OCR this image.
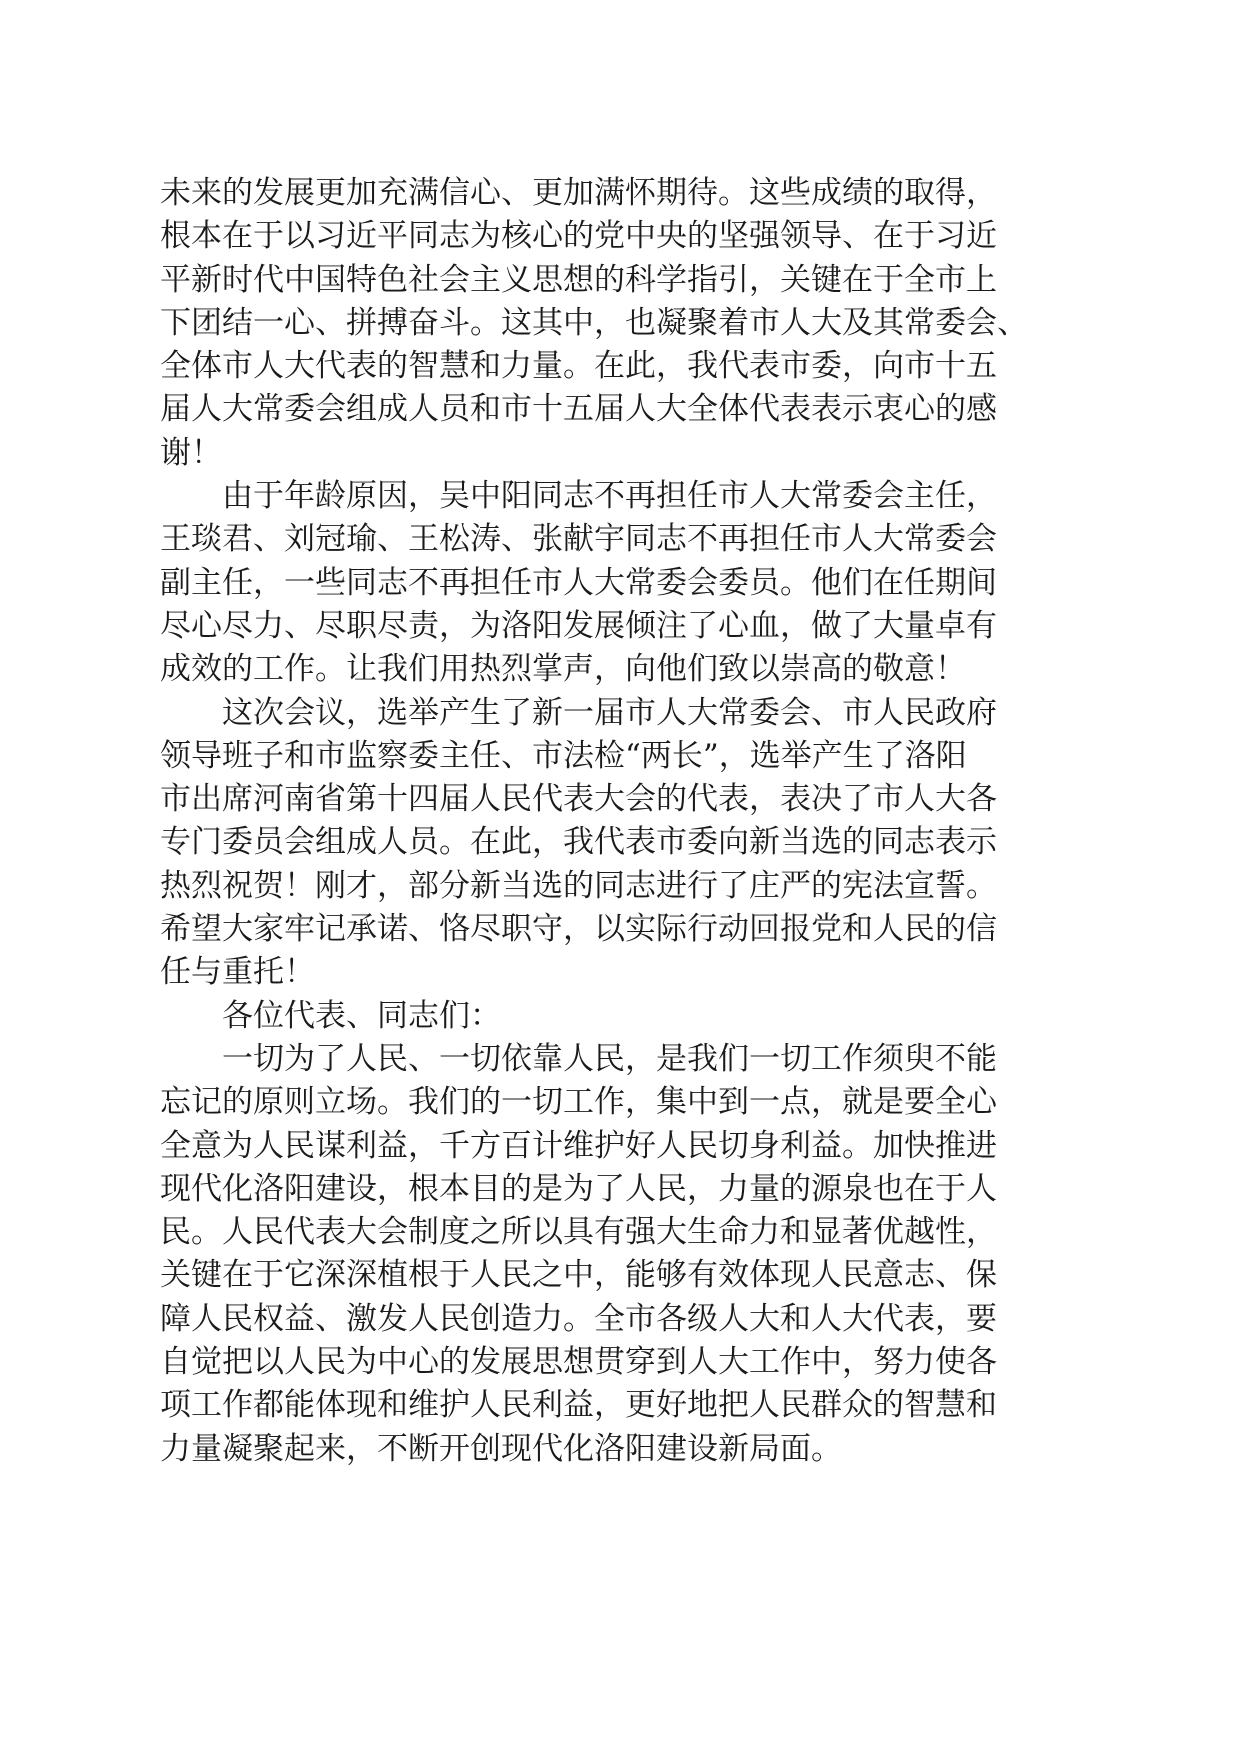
未来的发展更加充满信心、更加满怀期待。这些成绩的取得，
根本在于以习近平同志为核心的党中央的坚强领导、在于习近
平新时代中国特色社会主义思想的科学指引，关键在于全市上
下团结一心、拼搏奋斗。这其中，也凝聚着市人大及其常委会、
全体市人大代表的智慧和力量。在此，我代表市委，向市十五
届人大常委会组成人员和市十五届人大全体代表表示衷心的感
谢！
由于年龄原因，吴中阳同志不再担任市人大常委会主任，
王琰君、刘冠瑜、王松涛、张献宇同志不再担任市人大常委会
副主任，一些同志不再担任市人大常委会委员。他们在任期间
尽心尽力、尽职尽责，为洛阳发展倾注了心血，做了大量卓有
成效的工作。让我们用热烈掌声，向他们致以崇高的敬意！
这次会议，选举产生了新一届市人大常委会、市人民政府
领导班子和市监察委主任、市法检“两长”，选举产生了洛阳
市出席河南省第十四届人民代表大会的代表，表决了市人大各
专门委员会组成人员。在此，我代表市委向新当选的同志表示
热烈祝贺！刚才，部分新当选的同志进行了庄严的宪法宣誓。
希望大家牢记承诺、恪尽职守，以实际行动回报党和人民的信
任与重托！
各位代表、同志们：
一切为了人民、一切依靠人民，是我们一切工作须臾不能
忘记的原则立场。我们的一切工作，集中到一点，就是要全心
全意为人民谋利益，千方百计维护好人民切身利益。加快推进
现代化洛阳建设，根本目的是为了人民，力量的源泉也在于人
民。人民代表大会制度之所以具有强大生命力和显著优越性，
关键在于它深深植根于人民之中，能够有效体现人民意志、保
障人民权益、激发人民创造力。全市各级人大和人大代表，要
自觉把以人民为中心的发展思想贯穿到人大工作中，努力使各
项工作都能体现和维护人民利益，更好地把人民群众的智慧和
力量凝聚起来，不断开创现代化洛阳建设新局面。
